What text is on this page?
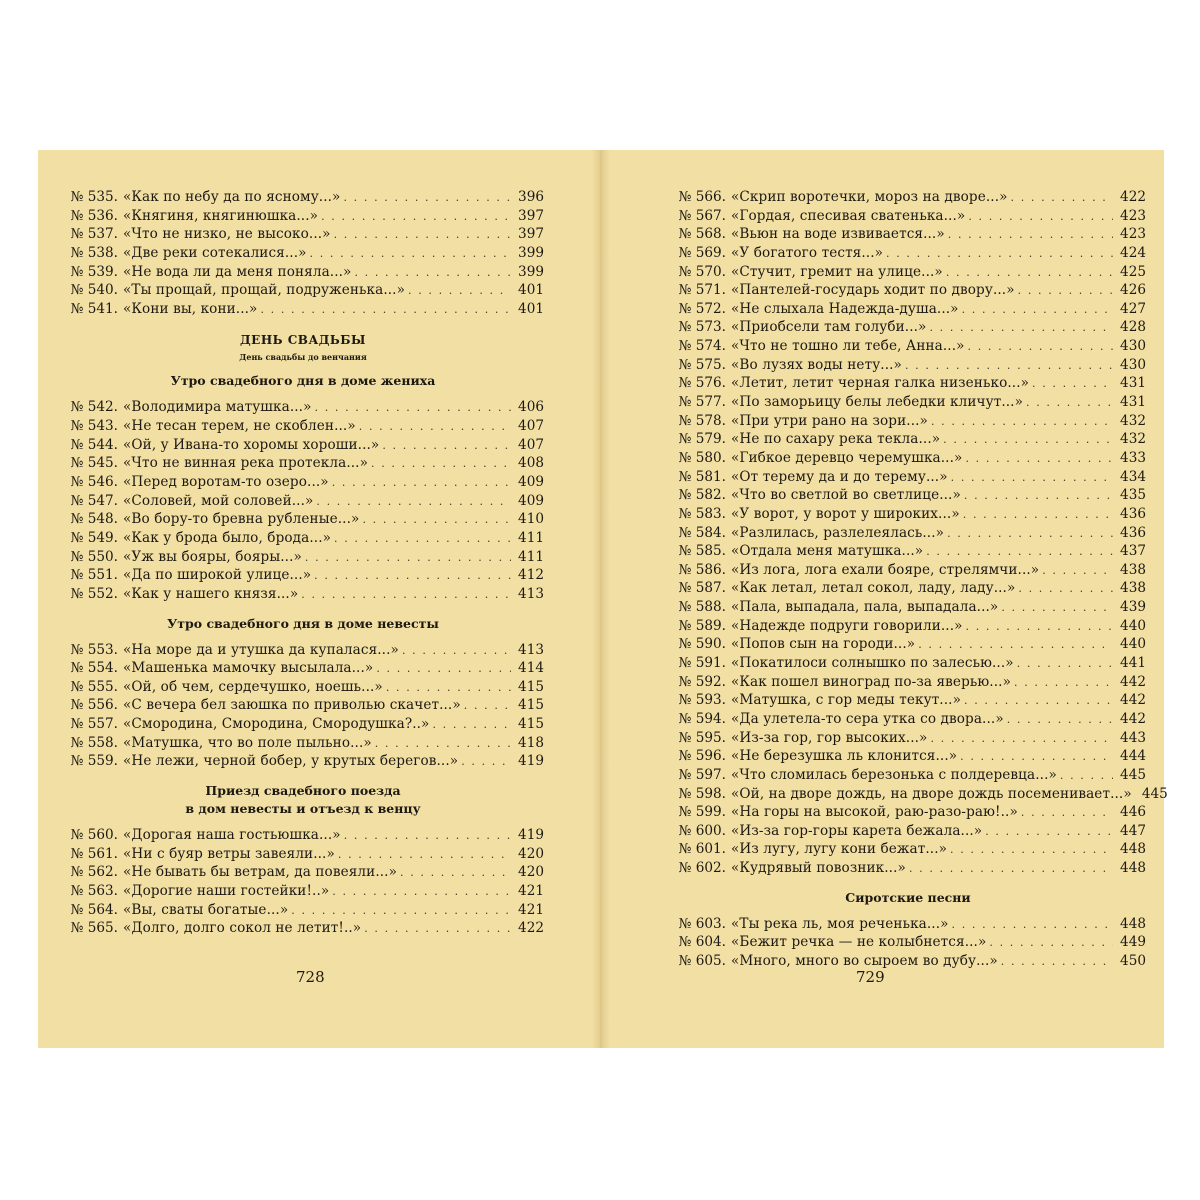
№ 535. «Как по небу да по ясному...» . . .	396
№ 536. «Княгиня, княгинюшка...» . . .	397
№ 537. «Что не низко, не высоко...» . . .	397
№ 538. «Две реки сотекалися...» . . .	399
№ 539. «Не вода ли да меня поняла...» . . .	399
№ 540. «Ты прощай, прощай, подруженька...» . . .	401
№ 541. «Кони вы, кони...» . . .	401
ДЕНЬ СВАДЬБЫ
День свадьбы до венчания
Утро свадебного дня в доме жениха
№ 542. «Володимира матушка...» . . .	406
№ 543. «Не тесан терем, не скоблен...» . . .	407
№ 544. «Ой, у Ивана-то хоромы хороши...» . . .	407
№ 545. «Что не винная река протекла...» . . .	408
№ 546. «Перед воротам-то озеро...» . . .	409
№ 547. «Соловей, мой соловей...» . . .	409
№ 548. «Во бору-то бревна рубленые...» . . .	410
№ 549. «Как у брода было, брода...» . . .	411
№ 550. «Уж вы бояры, бояры...» . . .	411
№ 551. «Да по широкой улице...» . . .	412
№ 552. «Как у нашего князя...» . . .	413
Утро свадебного дня в доме невесты
№ 553. «На море да и утушка да купалася...» . . .	413
№ 554. «Машенька мамочку высылала...» . . .	414
№ 555. «Ой, об чем, сердечушко, ноешь...» . . .	415
№ 556. «С вечера бел заюшка по приволью скачет...» . . .	415
№ 557. «Смородина, Смородина, Смородушка?..» . . .	415
№ 558. «Матушка, что во поле пыльно...» . . .	418
№ 559. «Не лежи, черной бобер, у крутых берегов...» . . .	419
Приезд свадебного поезда
в дом невесты и отъезд к венцу
№ 560. «Дорогая наша гостьюшка...» . . .	419
№ 561. «Ни с буяр ветры завеяли...» . . .	420
№ 562. «Не бывать бы ветрам, да повеяли...» . . .	420
№ 563. «Дорогие наши гостейки!..» . . .	421
№ 564. «Вы, сваты богатые...» . . .	421
№ 565. «Долго, долго сокол не летит!..» . . .	422
728
№ 566. «Скрип воротечки, мороз на дворе...» . . .	422
№ 567. «Гордая, спесивая сватенька...» . . .	423
№ 568. «Вьюн на воде извивается...» . . .	423
№ 569. «У богатого тестя...» . . .	424
№ 570. «Стучит, гремит на улице...» . . .	425
№ 571. «Пантелей-государь ходит по двору...» . . .	426
№ 572. «Не слыхала Надежда-душа...» . . .	427
№ 573. «Приобсели там голуби...» . . .	428
№ 574. «Что не тошно ли тебе, Анна...» . . .	430
№ 575. «Во лузях воды нету...» . . .	430
№ 576. «Летит, летит черная галка низенько...» . . .	431
№ 577. «По заморьицу белы лебедки кличут...» . . .	431
№ 578. «При утри рано на зори...» . . .	432
№ 579. «Не по сахару река текла...» . . .	432
№ 580. «Гибкое деревцо черемушка...» . . .	433
№ 581. «От терему да и до терему...» . . .	434
№ 582. «Что во светлой во светлице...» . . .	435
№ 583. «У ворот, у ворот у широких...» . . .	436
№ 584. «Разлилась, разлелеялась...» . . .	436
№ 585. «Отдала меня матушка...» . . .	437
№ 586. «Из лога, лога ехали бояре, стрелямчи...» . . .	438
№ 587. «Как летал, летал сокол, ладу, ладу...» . . .	438
№ 588. «Пала, выпадала, пала, выпадала...» . . .	439
№ 589. «Надежде подруги говорили...» . . .	440
№ 590. «Попов сын на городи...» . . .	440
№ 591. «Покатилоси солнышко по залесью...» . . .	441
№ 592. «Как пошел виноград по-за яверью...» . . .	442
№ 593. «Матушка, с гор меды текут...» . . .	442
№ 594. «Да улетела-то сера утка со двора...» . . .	442
№ 595. «Из-за гор, гор высоких...» . . .	443
№ 596. «Не березушка ль клонится...» . . .	444
№ 597. «Что сломилась березонька с полдеревца...» . . .	445
№ 598. «Ой, на дворе дождь, на дворе дождь посеменивает...» 445
№ 599. «На горы на высокой, раю-разо-раю!..» . . .	446
№ 600. «Из-за гор-горы карета бежала...» . . .	447
№ 601. «Из лугу, лугу кони бежат...» . . .	448
№ 602. «Кудрявый повозник...» . . .	448
Сиротские песни
№ 603. «Ты река ль, моя реченька...» . . .	448
№ 604. «Бежит речка — не колыбнется...» . . .	449
№ 605. «Много, много во сыроем во дубу...» . . .	450
729
